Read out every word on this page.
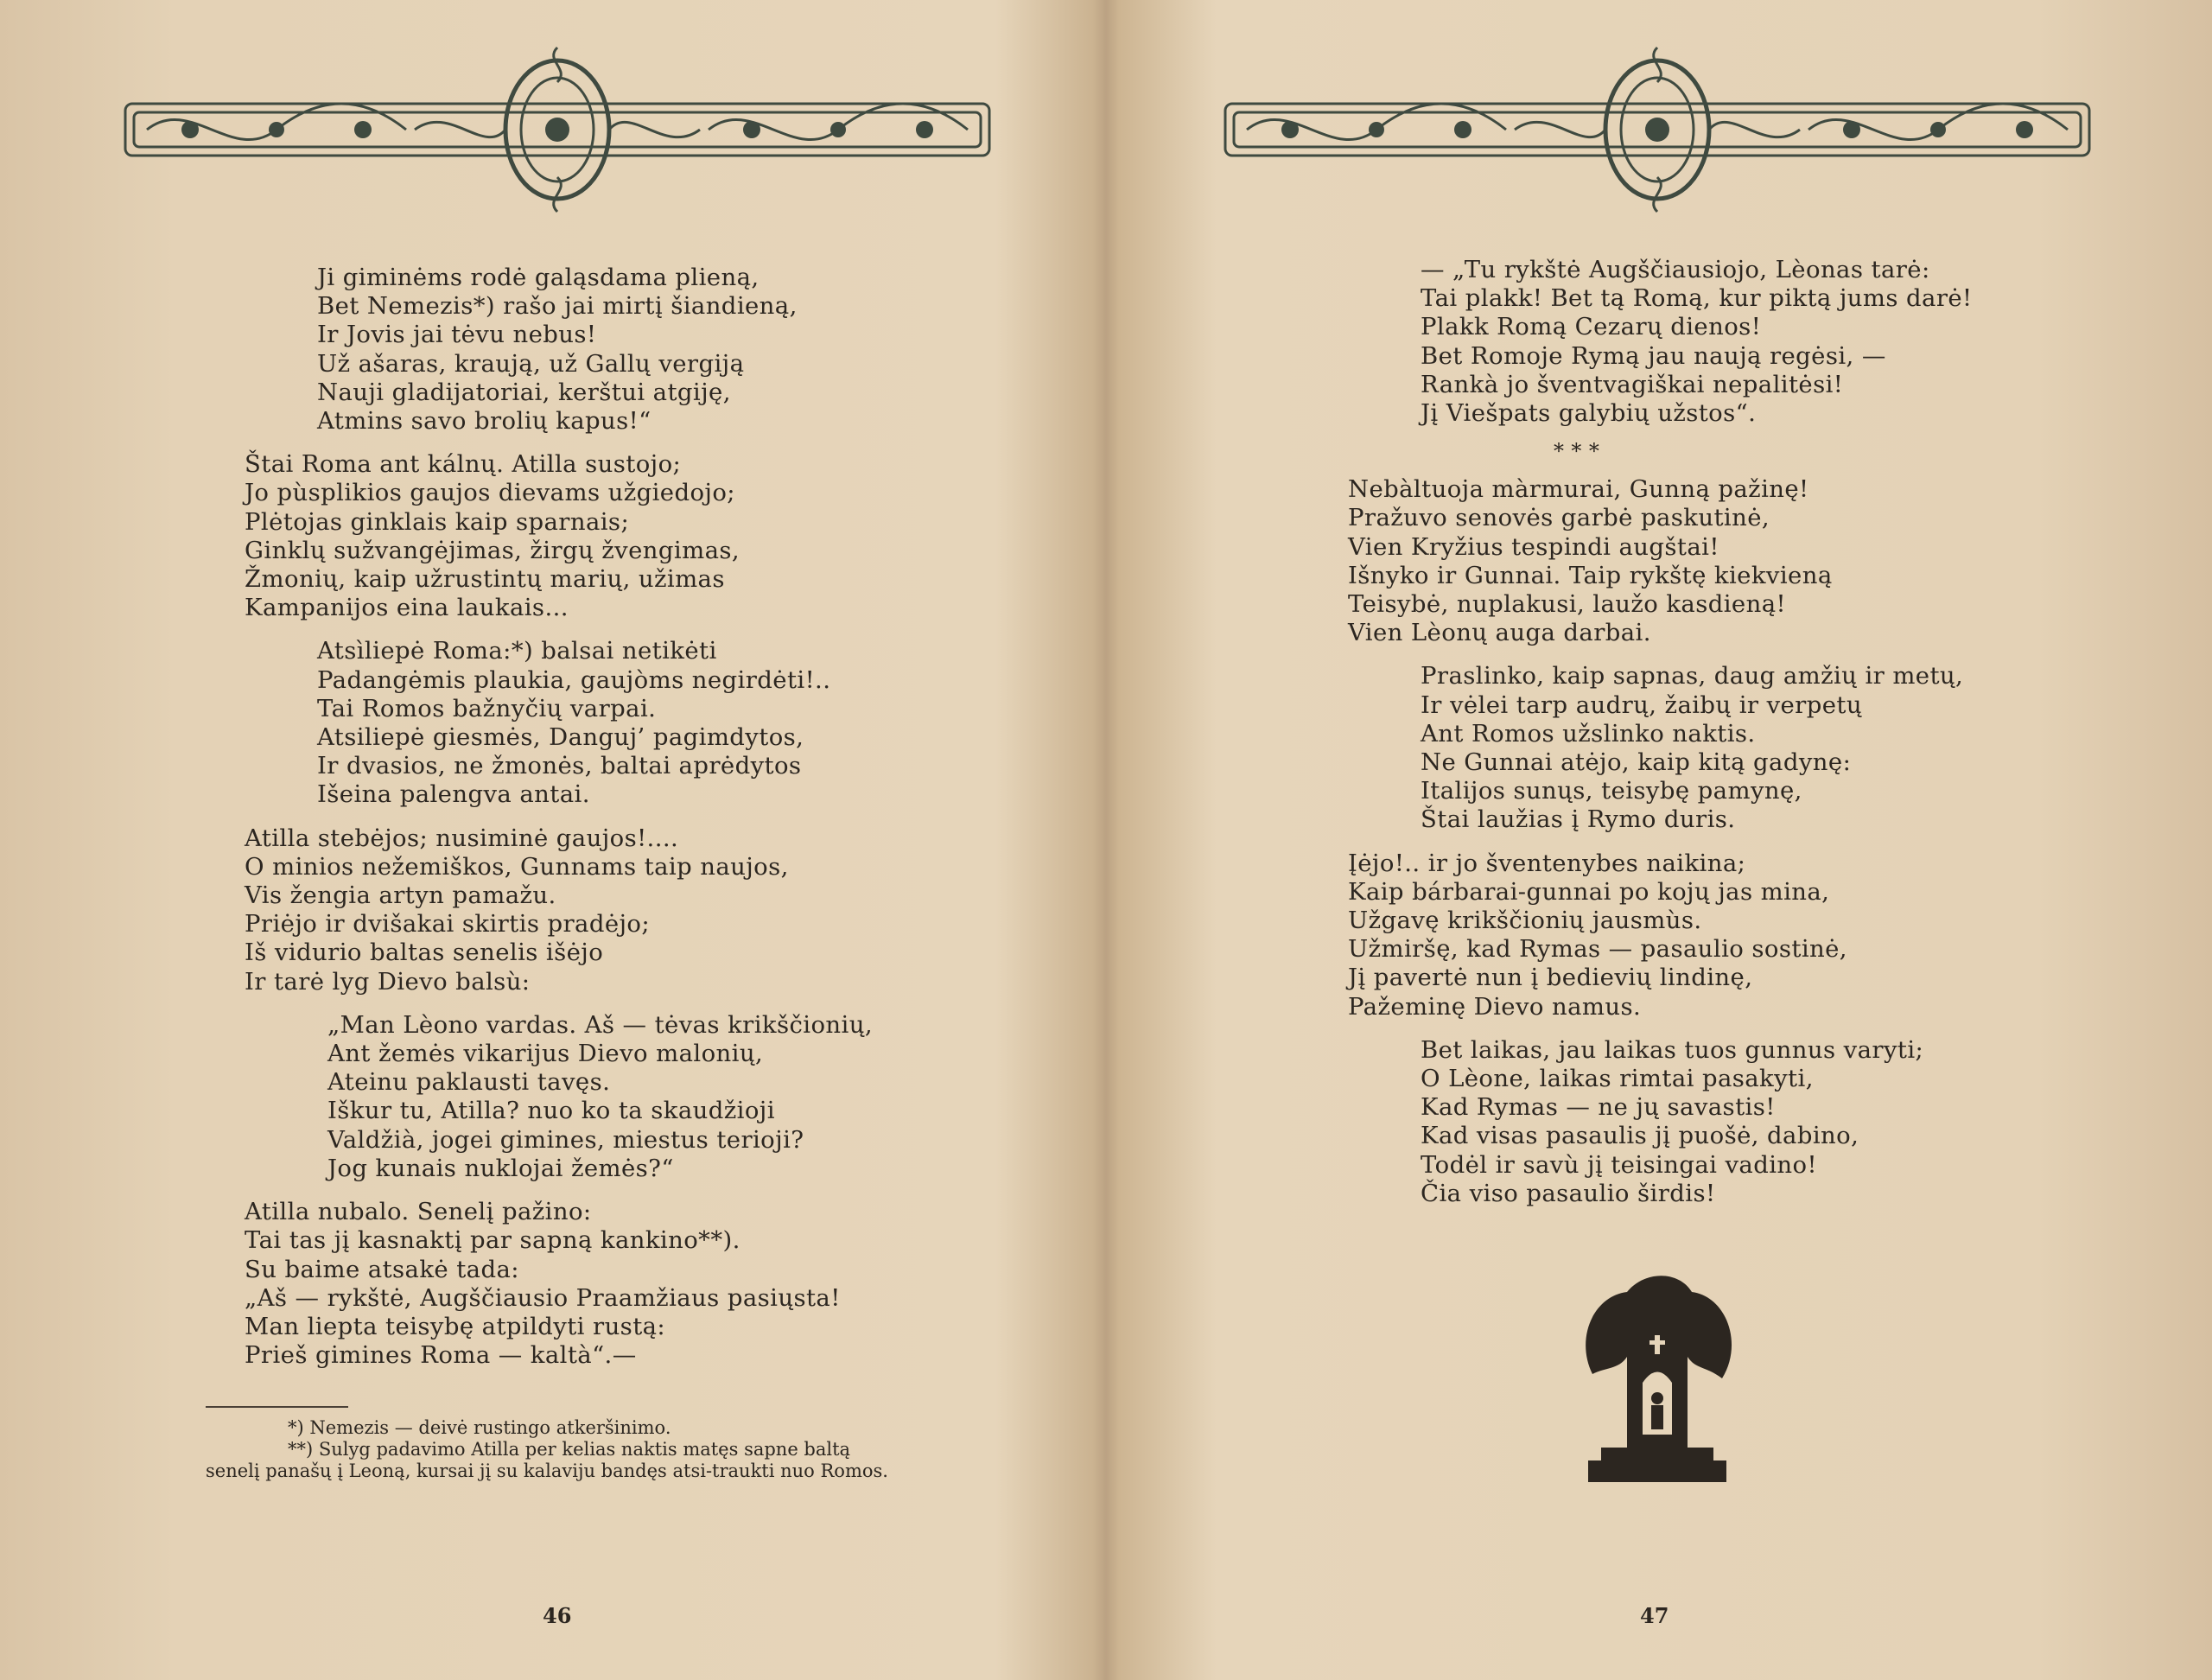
Ji giminėms rodė galąsdama plieną,
Bet Nemezis*) rašo jai mirtį šiandieną,
Ir Jovis jai tėvu nebus!
Už ašaras, kraują, už Gallų vergiją
Nauji gladijatoriai, kerštui atgiję,
Atmins savo brolių kapus!“
Štai Roma ant kálnų. Atilla sustojo;
Jo pùsplikios gaujos dievams užgiedojo;
Plėtojas ginklais kaip sparnais;
Ginklų sužvangėjimas, žirgų žvengimas,
Žmonių, kaip užrustintų marių, užimas
Kampanijos eina laukais...
Atsìliepė Roma:*) balsai netikėti
Padangėmis plaukia, gaujòms negirdėti!..
Tai Romos bažnyčių varpai.
Atsiliepė giesmės, Danguj’ pagimdytos,
Ir dvasios, ne žmonės, baltai aprėdytos
Išeina palengva antai.
Atilla stebėjos; nusiminė gaujos!....
O minios nežemiškos, Gunnams taip naujos,
Vis žengia artyn pamažu.
Priėjo ir dvišakai skirtis pradėjo;
Iš vidurio baltas senelis išėjo
Ir tarė lyg Dievo balsù:
„Man Lèono vardas. Aš — tėvas krikščionių,
Ant žemės vikarijus Dievo malonių,
Ateinu paklausti tavęs.
Iškur tu, Atilla? nuo ko ta skaudžioji
Valdžià, jogei gimines, miestus terioji?
Jog kunais nuklojai žemės?“
Atilla nubalo. Senelį pažino:
Tai tas jį kasnaktį par sapną kankino**).
Su baime atsakė tada:
„Aš — rykštė, Augščiausio Praamžiaus pasiųsta!
Man liepta teisybę atpildyti rustą:
Prieš gimines Roma — kaltà“.—
*) Nemezis — deivė rustingo atkeršinimo.
**) Sulyg padavimo Atilla per kelias naktis matęs sapne baltą senelį panašų į Leoną, kursai jį su kalaviju bandęs atsi-traukti nuo Romos.
46
— „Tu rykštė Augščiausiojo, Lèonas tarė:
Tai plakk! Bet tą Romą, kur piktą jums darė!
Plakk Romą Cezarų dienos!
Bet Romoje Rymą jau naują regėsi, —
Rankà jo šventvagiškai nepalitėsi!
Jį Viešpats galybių užstos“.
* * *
Nebàltuoja màrmurai, Gunną pažinę!
Pražuvo senovės garbė paskutinė,
Vien Kryžius tespindi augštai!
Išnyko ir Gunnai. Taip rykštę kiekvieną
Teisybė, nuplakusi, laužo kasdieną!
Vien Lèonų auga darbai.
Praslinko, kaip sapnas, daug amžių ir metų,
Ir vėlei tarp audrų, žaibų ir verpetų
Ant Romos užslinko naktis.
Ne Gunnai atėjo, kaip kitą gadynę:
Italijos sunųs, teisybę pamynę,
Štai laužias į Rymo duris.
Įėjo!.. ir jo šventenybes naikina;
Kaip bárbarai-gunnai po kojų jas mina,
Užgavę krikščionių jausmùs.
Užmiršę, kad Rymas — pasaulio sostinė,
Jį pavertė nun į bedievių lindinę,
Pažeminę Dievo namus.
Bet laikas, jau laikas tuos gunnus varyti;
O Lèone, laikas rimtai pasakyti,
Kad Rymas — ne jų savastis!
Kad visas pasaulis jį puošė, dabino,
Todėl ir savù jį teisingai vadino!
Čia viso pasaulio širdis!
47
